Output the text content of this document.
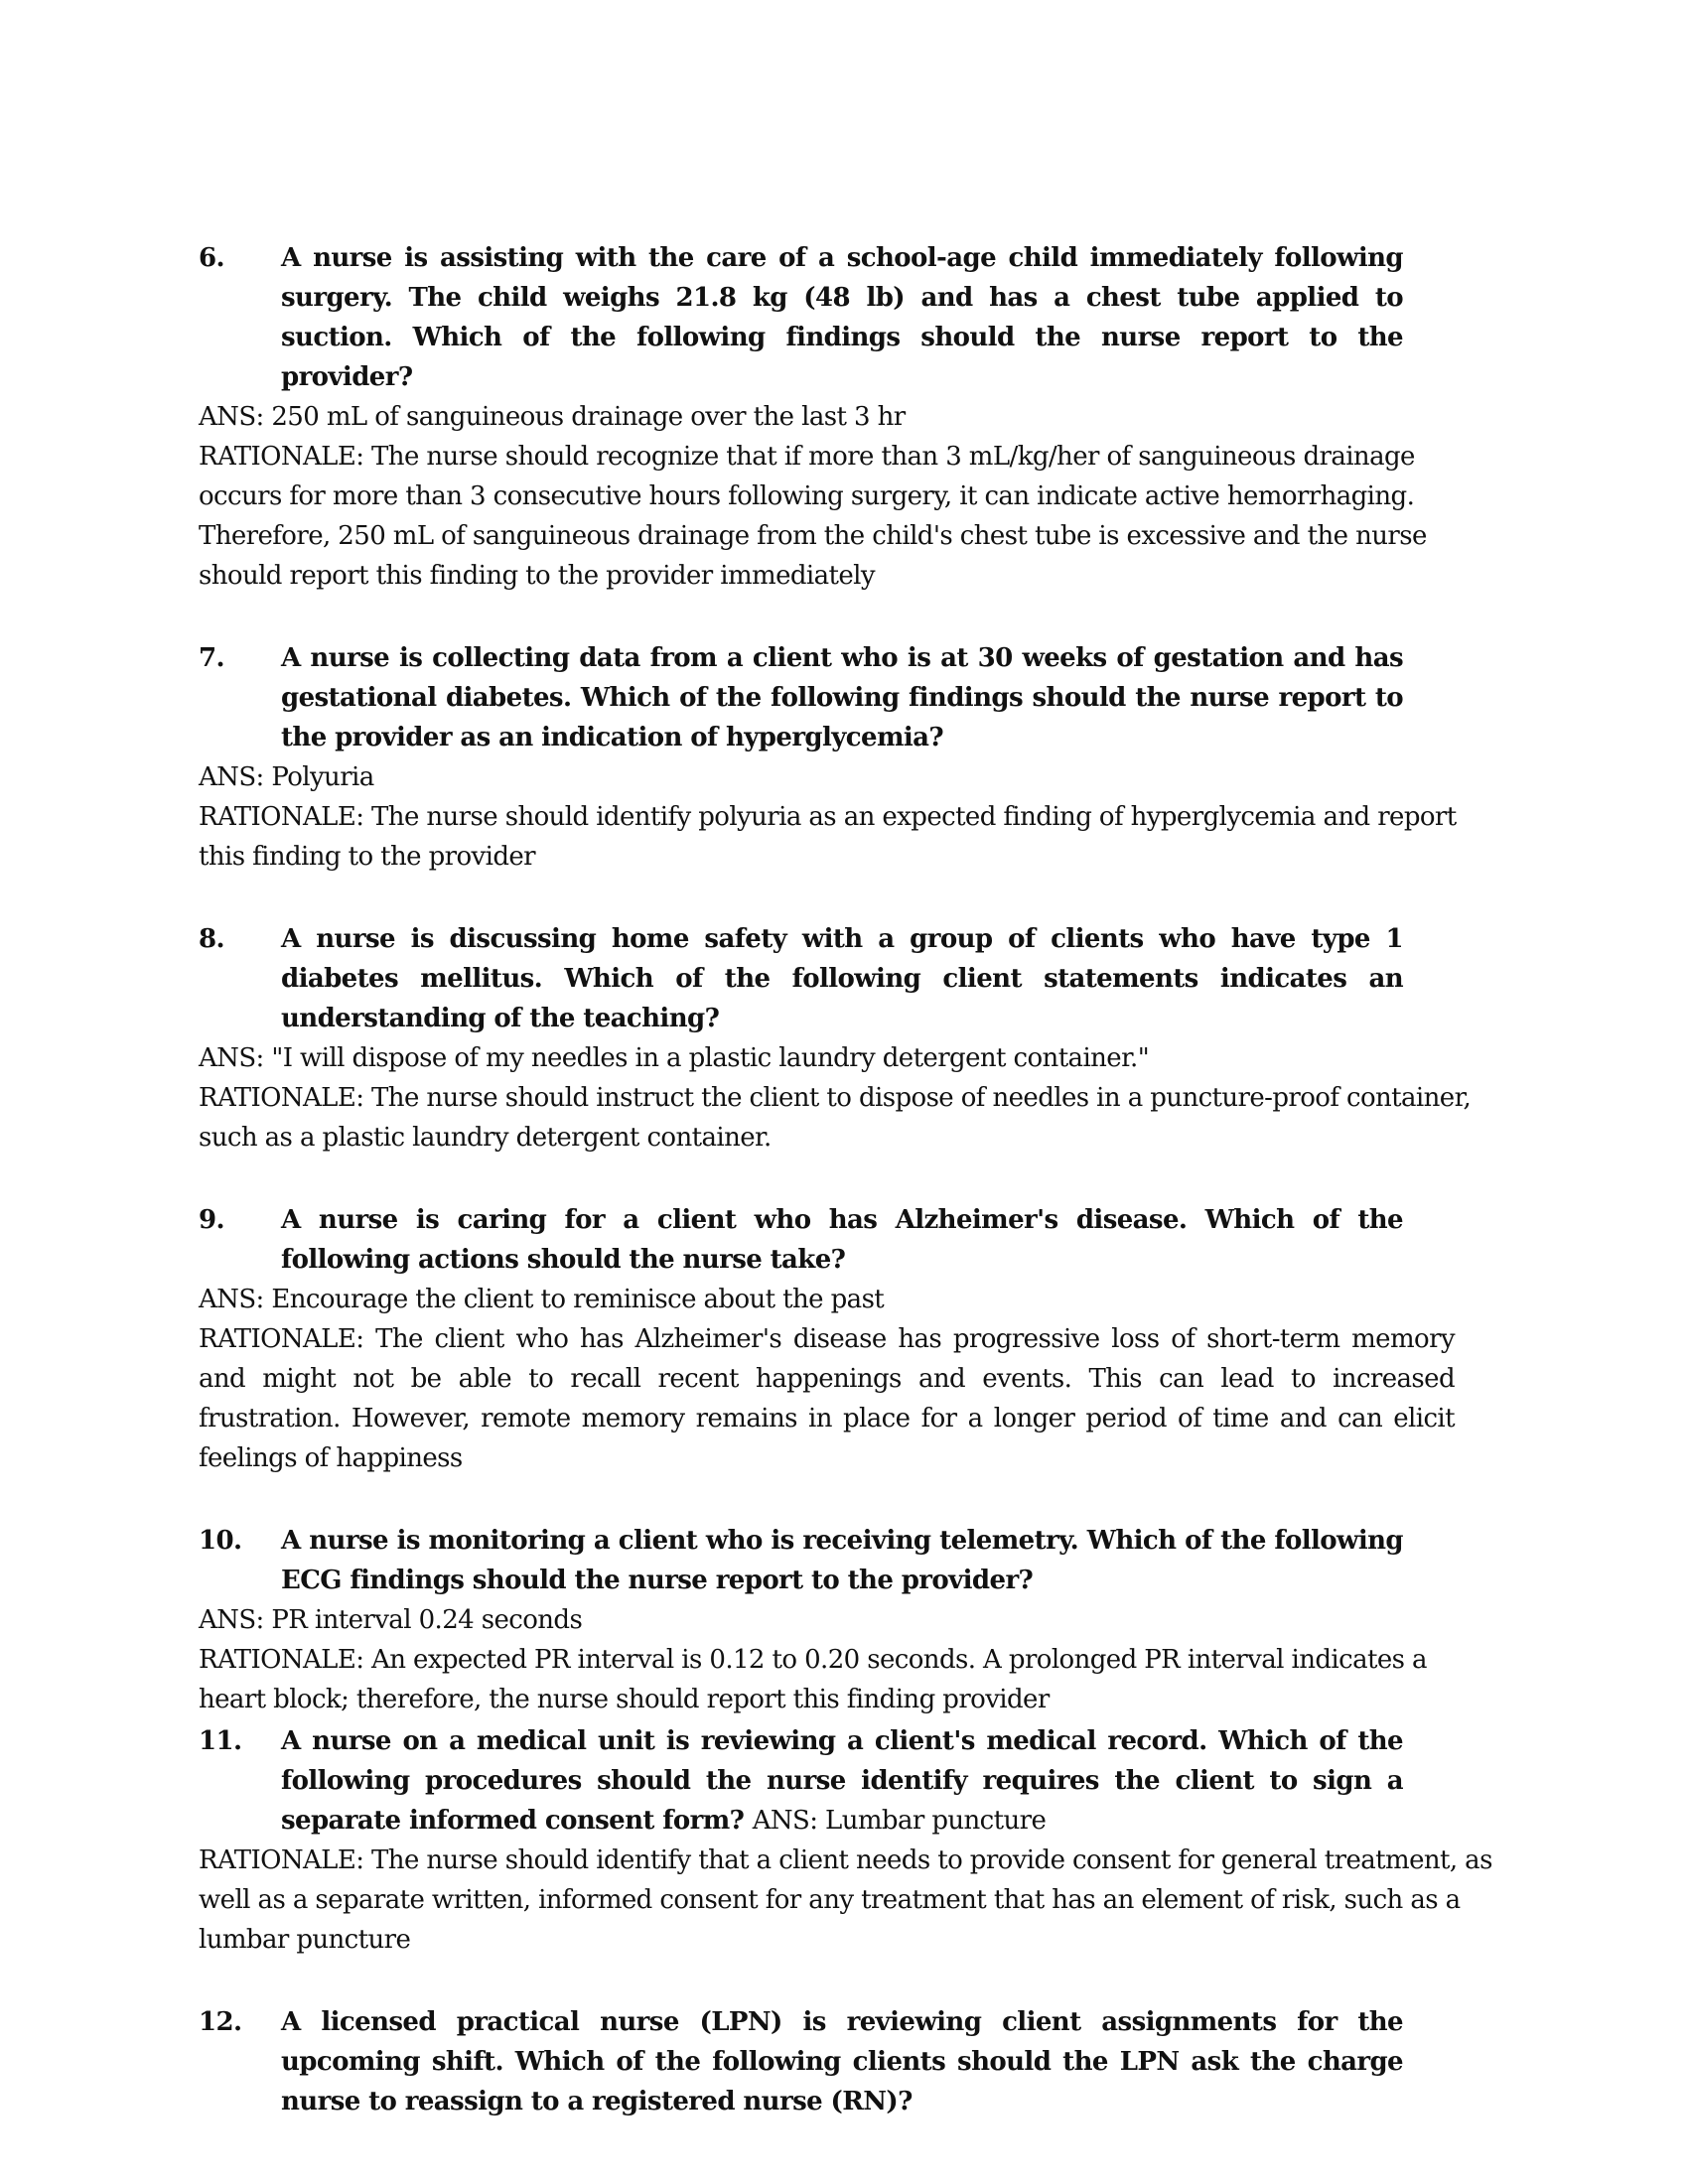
6.	A nurse is assisting with the care of a school-age child immediately following surgery. The child weighs 21.8 kg (48 lb) and has a chest tube applied to suction. Which of the following findings should the nurse report to the provider?
ANS: 250 mL of sanguineous drainage over the last 3 hr
RATIONALE: The nurse should recognize that if more than 3 mL/kg/her of sanguineous drainage occurs for more than 3 consecutive hours following surgery, it can indicate active hemorrhaging. Therefore, 250 mL of sanguineous drainage from the child's chest tube is excessive and the nurse should report this finding to the provider immediately
7.	A nurse is collecting data from a client who is at 30 weeks of gestation and has gestational diabetes. Which of the following findings should the nurse report to the provider as an indication of hyperglycemia?
ANS: Polyuria
RATIONALE: The nurse should identify polyuria as an expected finding of hyperglycemia and report this finding to the provider
8.	A nurse is discussing home safety with a group of clients who have type 1 diabetes mellitus. Which of the following client statements indicates an understanding of the teaching?
ANS: "I will dispose of my needles in a plastic laundry detergent container."
RATIONALE: The nurse should instruct the client to dispose of needles in a puncture-proof container, such as a plastic laundry detergent container.
9.	A nurse is caring for a client who has Alzheimer's disease. Which of the following actions should the nurse take?
ANS: Encourage the client to reminisce about the past
RATIONALE: The client who has Alzheimer's disease has progressive loss of short-term memory and might not be able to recall recent happenings and events. This can lead to increased frustration. However, remote memory remains in place for a longer period of time and can elicit feelings of happiness
10.	A nurse is monitoring a client who is receiving telemetry. Which of the following ECG findings should the nurse report to the provider?
ANS: PR interval 0.24 seconds
RATIONALE: An expected PR interval is 0.12 to 0.20 seconds. A prolonged PR interval indicates a heart block; therefore, the nurse should report this finding provider
11.	A nurse on a medical unit is reviewing a client's medical record. Which of the following procedures should the nurse identify requires the client to sign a separate informed consent form? ANS: Lumbar puncture
RATIONALE: The nurse should identify that a client needs to provide consent for general treatment, as well as a separate written, informed consent for any treatment that has an element of risk, such as a lumbar puncture
12.	A licensed practical nurse (LPN) is reviewing client assignments for the upcoming shift. Which of the following clients should the LPN ask the charge nurse to reassign to a registered nurse (RN)?
